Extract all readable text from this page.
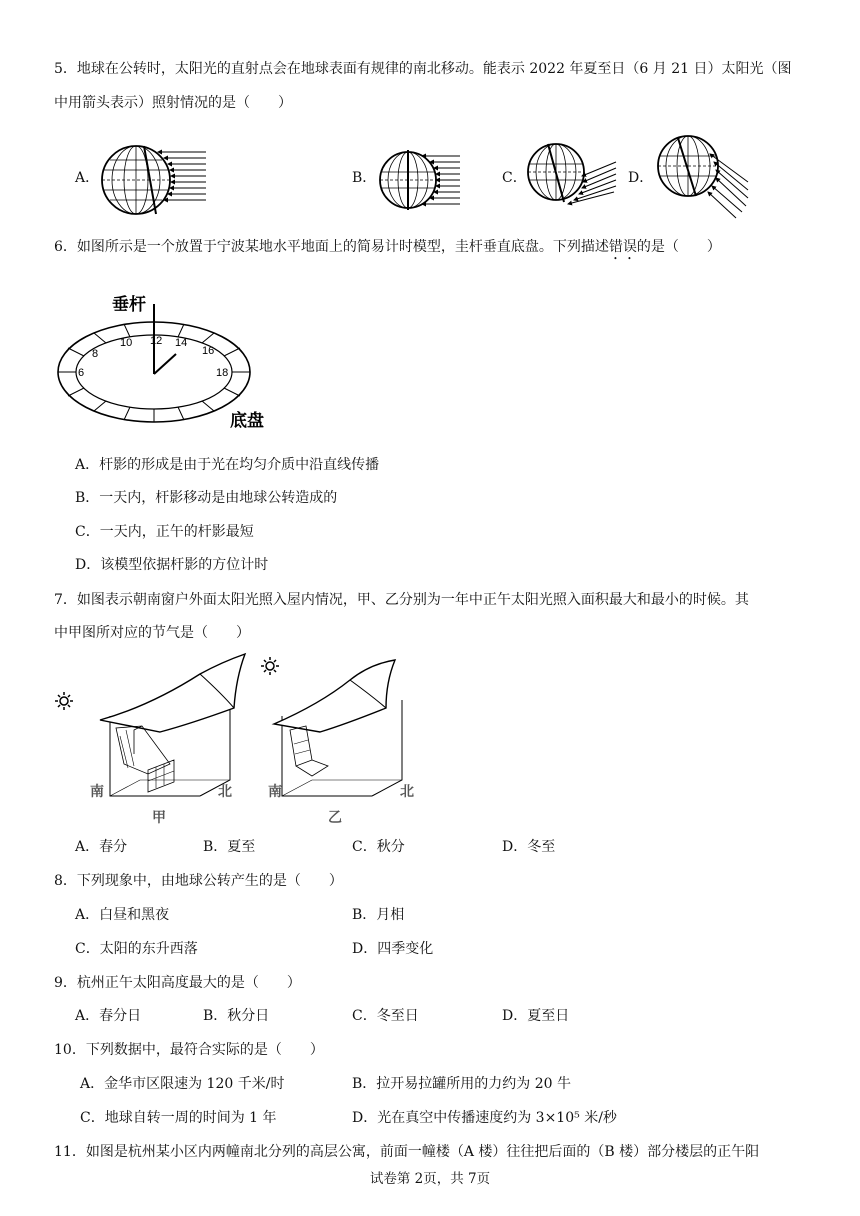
5．地球在公转时，太阳光的直射点会在地球表面有规律的南北移动。能表示 2022 年夏至日（6 月 21 日）太阳光（图
中用箭头表示）照射情况的是（　　）
A．	B．	C．	D．
6．如图所示是一个放置于宁波某地水平地面上的简易计时模型，圭杆垂直底盘。下列描述错误的是（　　）
6
8
10 12 14
16
18
垂杆
底盘
A．杆影的形成是由于光在均匀介质中沿直线传播
B．一天内，杆影移动是由地球公转造成的
C．一天内，正午的杆影最短
D．该模型依据杆影的方位计时
7．如图表示朝南窗户外面太阳光照入屋内情况，甲、乙分别为一年中正午太阳光照入面积最大和最小的时候。其
中甲图所对应的节气是（　　）
南	北
甲
南	北
乙
A．春分	B．夏至	C．秋分	D．冬至
8．下列现象中，由地球公转产生的是（　　）
A．白昼和黑夜	B．月相
C．太阳的东升西落	D．四季变化
9．杭州正午太阳高度最大的是（　　）
A．春分日	B．秋分日	C．冬至日	D．夏至日
10．下列数据中，最符合实际的是（　　）
A．金华市区限速为 120 千米/时	B．拉开易拉罐所用的力约为 20 牛
C．地球自转一周的时间为 1 年	D．光在真空中传播速度约为 3×10⁵ 米/秒
11．如图是杭州某小区内两幢南北分列的高层公寓，前面一幢楼（A 楼）往往把后面的（B 楼）部分楼层的正午阳
试卷第 2页，共 7页
